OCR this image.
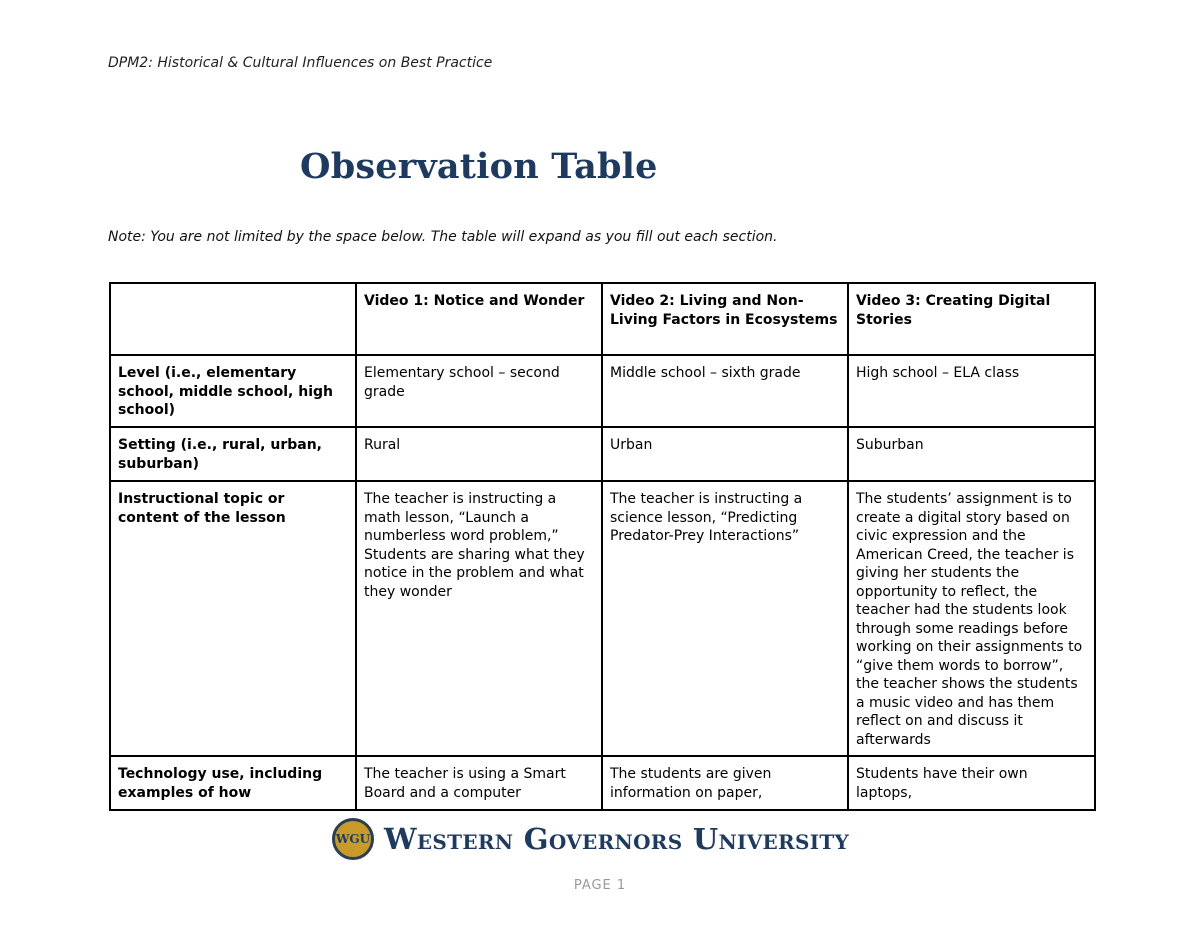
DPM2: Historical & Cultural Influences on Best Practice
Observation Table
Note: You are not limited by the space below. The table will expand as you fill out each section.
	Video 1: Notice and Wonder	Video 2: Living and Non-Living Factors in Ecosystems	Video 3: Creating Digital Stories
Level (i.e., elementary school, middle school, high school)	Elementary school – second grade	Middle school – sixth grade	High school – ELA class
Setting (i.e., rural, urban, suburban)	Rural	Urban	Suburban
Instructional topic or content of the lesson	The teacher is instructing a math lesson, “Launch a numberless word problem,” Students are sharing what they notice in the problem and what they wonder	The teacher is instructing a science lesson, “Predicting Predator-Prey Interactions”	The students’ assignment is to create a digital story based on civic expression and the American Creed, the teacher is giving her students the opportunity to reflect, the teacher had the students look through some readings before working on their assignments to “give them words to borrow”, the teacher shows the students a music video and has them reflect on and discuss it afterwards
Technology use, including examples of how	The teacher is using a Smart Board and a computer	The students are given information on paper,	Students have their own laptops,
WGU Western Governors University
PAGE 1
